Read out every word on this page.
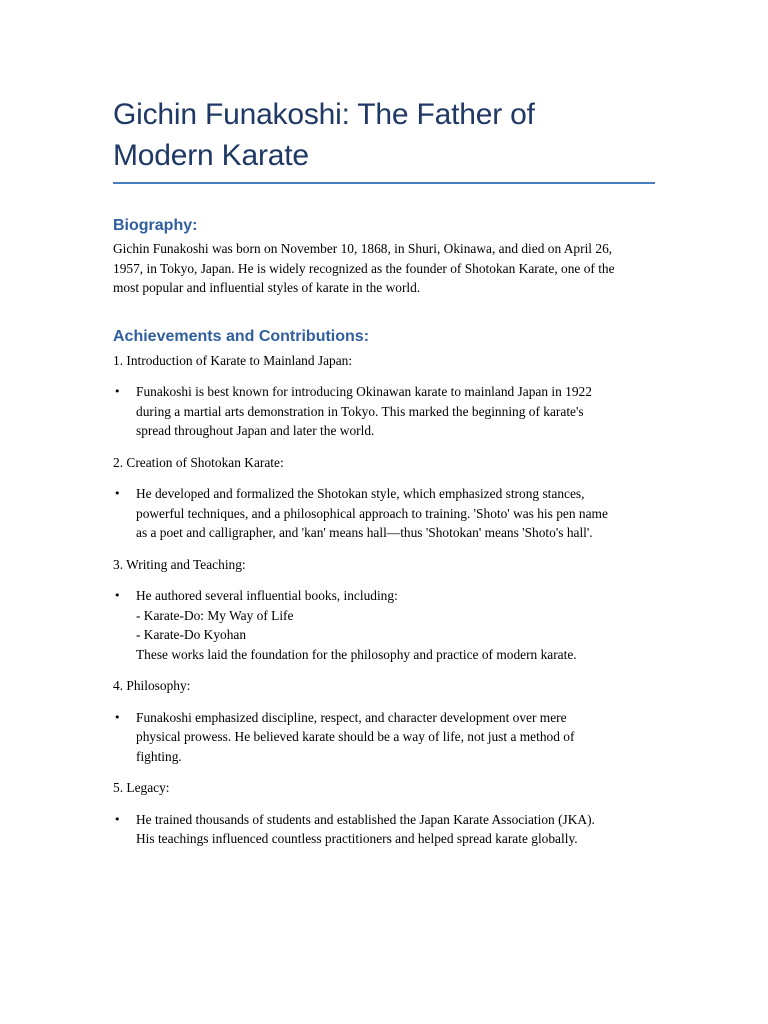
Gichin Funakoshi: The Father of
Modern Karate
Biography:

Gichin Funakoshi was born on November 10, 1868, in Shuri, Okinawa, and died on April 26,
1957, in Tokyo, Japan. He is widely recognized as the founder of Shotokan Karate, one of the
most popular and influential styles of karate in the world.

Achievements and Contributions:

1. Introduction of Karate to Mainland Japan:

• Funakoshi is best known for introducing Okinawan karate to mainland Japan in 1922
during a martial arts demonstration in Tokyo. This marked the beginning of karate's
spread throughout Japan and later the world.

2. Creation of Shotokan Karate:

• He developed and formalized the Shotokan style, which emphasized strong stances,
powerful techniques, and a philosophical approach to training. 'Shoto' was his pen name
as a poet and calligrapher, and 'kan' means hall—thus 'Shotokan' means 'Shoto's hall'.

3. Writing and Teaching:

• He authored several influential books, including:
- Karate-Do: My Way of Life
- Karate-Do Kyohan
These works laid the foundation for the philosophy and practice of modern karate.

4. Philosophy:

• Funakoshi emphasized discipline, respect, and character development over mere
physical prowess. He believed karate should be a way of life, not just a method of
fighting.

5. Legacy:

• He trained thousands of students and established the Japan Karate Association (JKA).
His teachings influenced countless practitioners and helped spread karate globally.
